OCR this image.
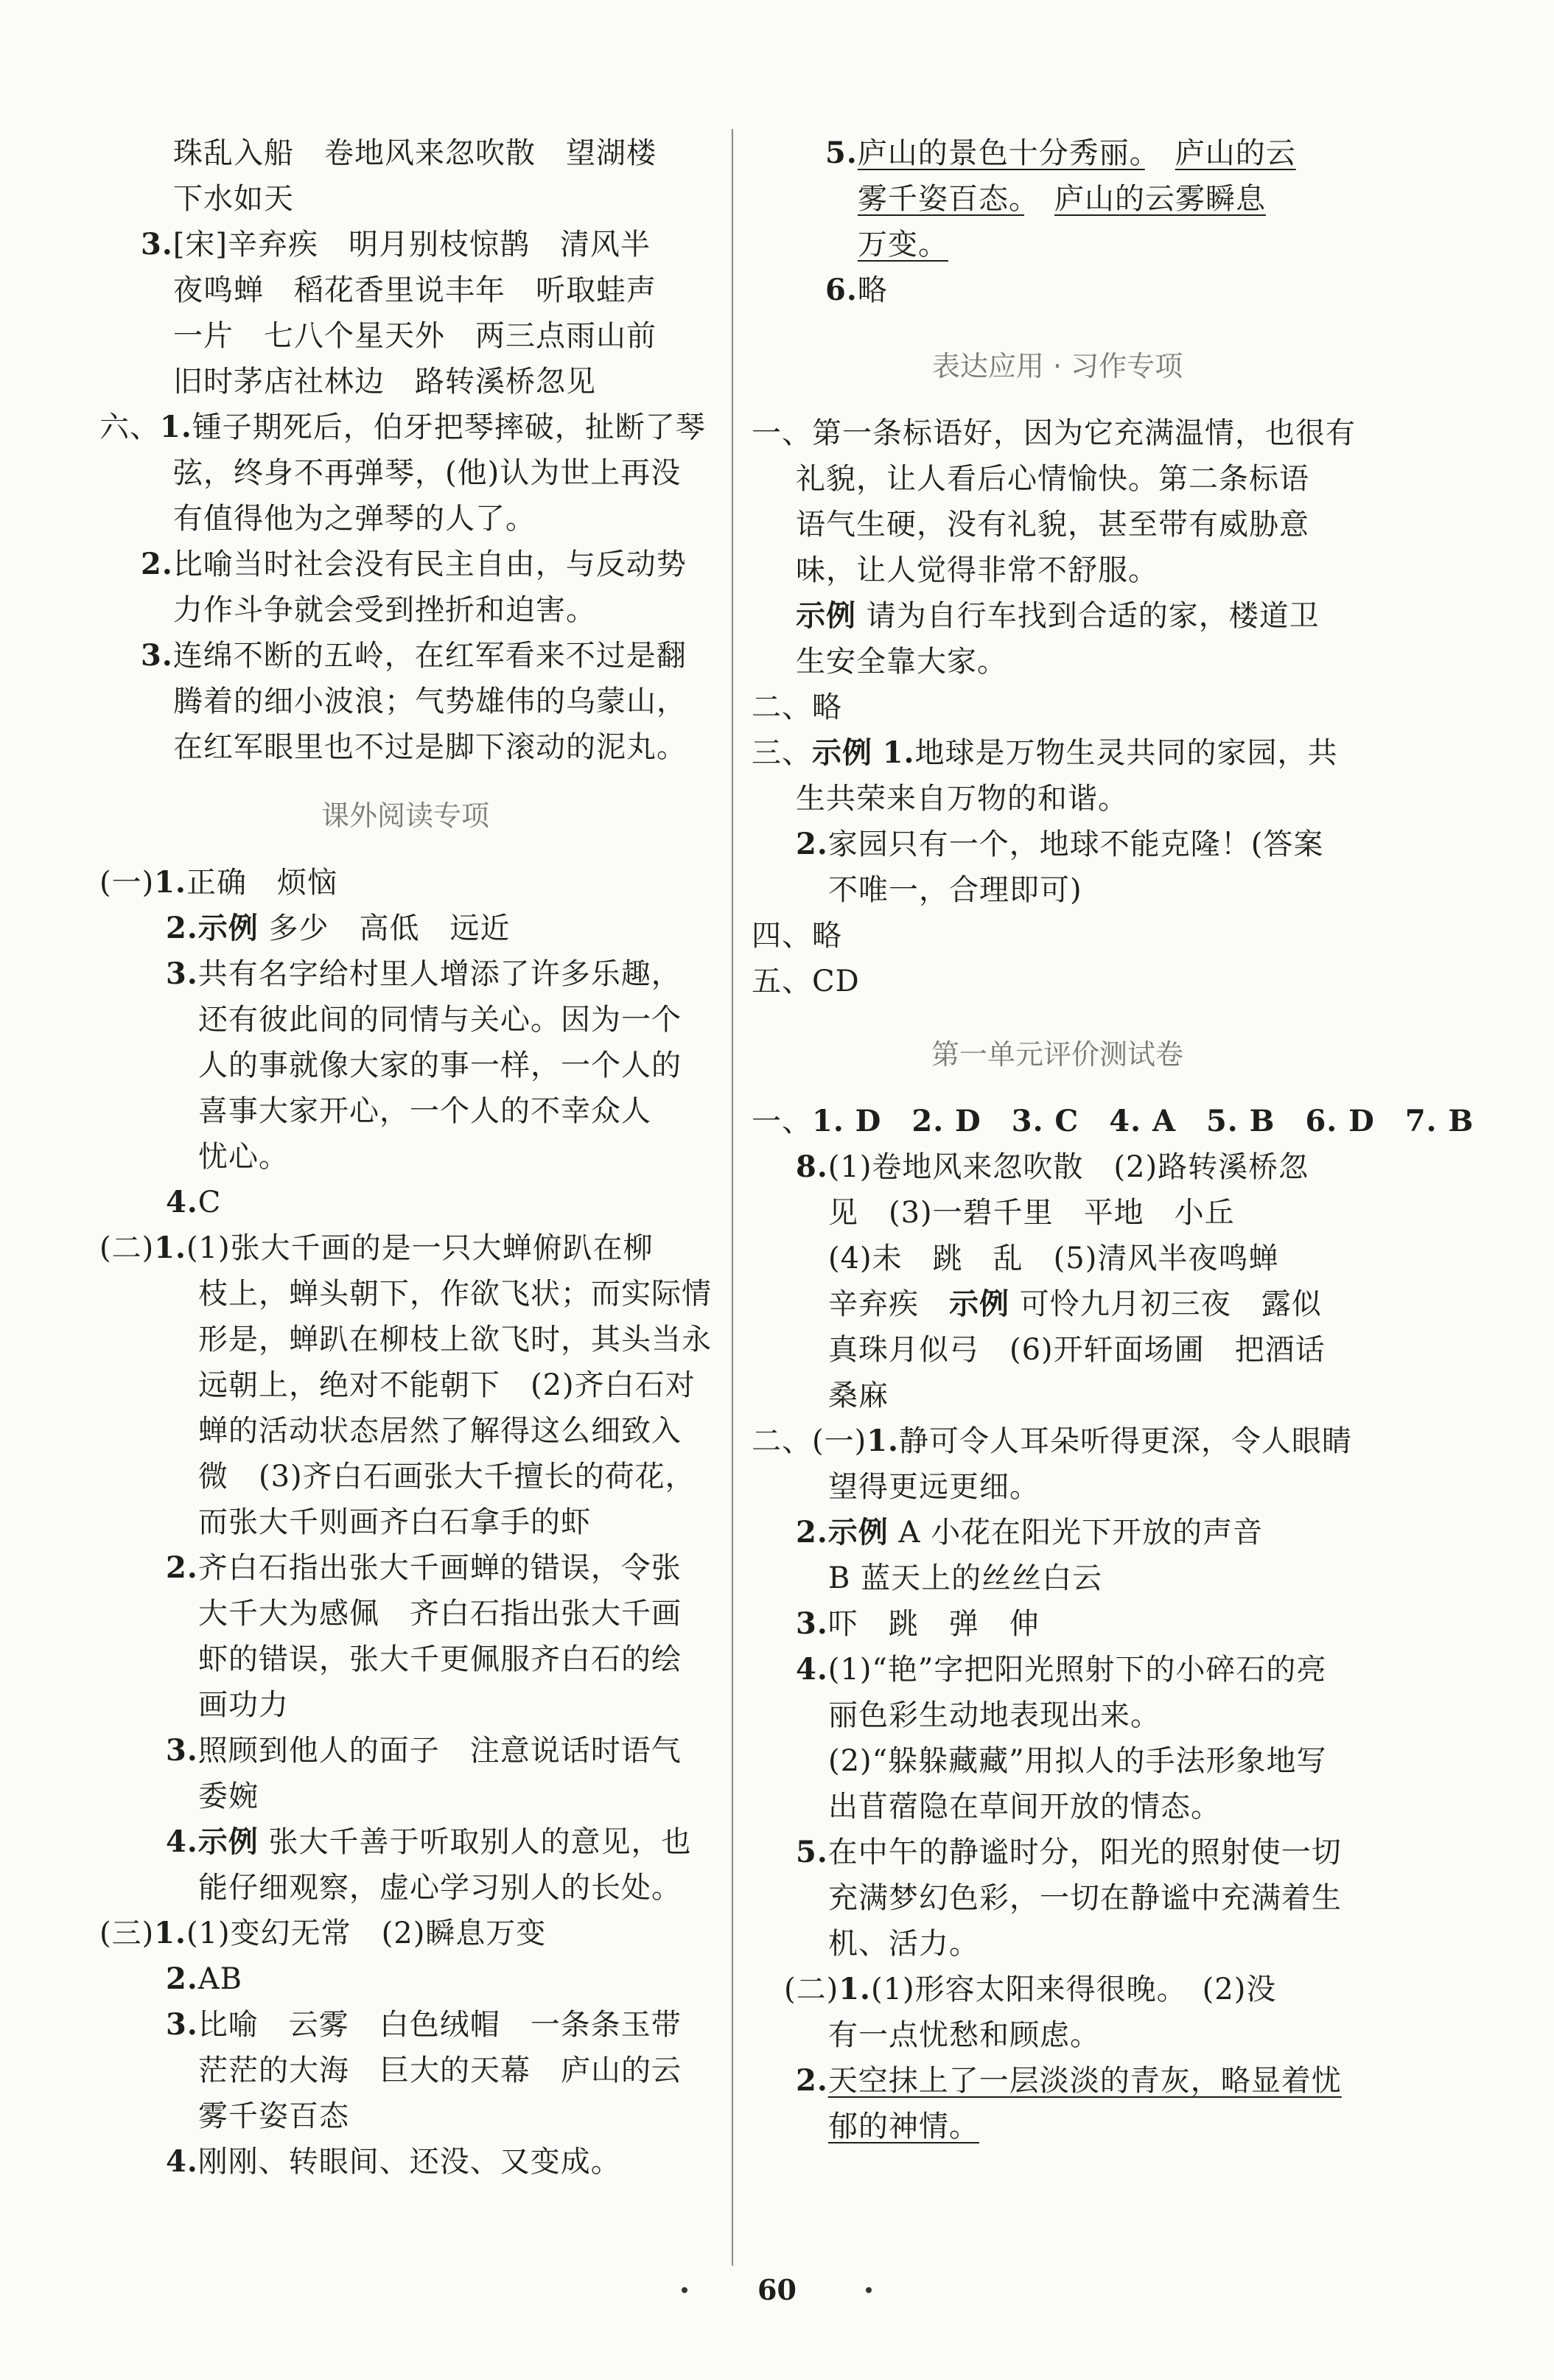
珠乱入船　卷地风来忽吹散　望湖楼
下水如天
3.[宋]辛弃疾　明月别枝惊鹊　清风半
夜鸣蝉　稻花香里说丰年　听取蛙声
一片　七八个星天外　两三点雨山前
旧时茅店社林边　路转溪桥忽见
六、1.锺子期死后，伯牙把琴摔破，扯断了琴
弦，终身不再弹琴，(他)认为世上再没
有值得他为之弹琴的人了。
2.比喻当时社会没有民主自由，与反动势
力作斗争就会受到挫折和迫害。
3.连绵不断的五岭，在红军看来不过是翻
腾着的细小波浪；气势雄伟的乌蒙山，
在红军眼里也不过是脚下滚动的泥丸。
课外阅读专项
(一)1.正确　烦恼
2.示例 多少　高低　远近
3.共有名字给村里人增添了许多乐趣，
还有彼此间的同情与关心。因为一个
人的事就像大家的事一样，一个人的
喜事大家开心，一个人的不幸众人
忧心。
4.C
(二)1.(1)张大千画的是一只大蝉俯趴在柳
枝上，蝉头朝下，作欲飞状；而实际情
形是，蝉趴在柳枝上欲飞时，其头当永
远朝上，绝对不能朝下　(2)齐白石对
蝉的活动状态居然了解得这么细致入
微　(3)齐白石画张大千擅长的荷花，
而张大千则画齐白石拿手的虾
2.齐白石指出张大千画蝉的错误，令张
大千大为感佩　齐白石指出张大千画
虾的错误，张大千更佩服齐白石的绘
画功力
3.照顾到他人的面子　注意说话时语气
委婉
4.示例 张大千善于听取别人的意见，也
能仔细观察，虚心学习别人的长处。
(三)1.(1)变幻无常　(2)瞬息万变
2.AB
3.比喻　云雾　白色绒帽　一条条玉带
茫茫的大海　巨大的天幕　庐山的云
雾千姿百态
4.刚刚、转眼间、还没、又变成。
5.庐山的景色十分秀丽。　 庐山的云
雾千姿百态。　 庐山的云雾瞬息
万变。
6.略
表达应用 · 习作专项
一、第一条标语好，因为它充满温情，也很有
礼貌，让人看后心情愉快。第二条标语
语气生硬，没有礼貌，甚至带有威胁意
味，让人觉得非常不舒服。
示例 请为自行车找到合适的家，楼道卫
生安全靠大家。
二、略
三、示例 1.地球是万物生灵共同的家园，共
生共荣来自万物的和谐。
2.家园只有一个，地球不能克隆！(答案
不唯一，合理即可)
四、略
五、CD
第一单元评价测试卷
一、1. D　2. D　3. C　4. A　5. B　6. D　7. B
8.(1)卷地风来忽吹散　(2)路转溪桥忽
见　(3)一碧千里　平地　小丘
(4)未　跳　乱　(5)清风半夜鸣蝉
辛弃疾　 示例 可怜九月初三夜　露似
真珠月似弓　(6)开轩面场圃　把酒话
桑麻
二、(一)1.静可令人耳朵听得更深，令人眼睛
望得更远更细。
2.示例 A 小花在阳光下开放的声音
B 蓝天上的丝丝白云
3.吓　跳　弹　伸
4.(1)“艳”字把阳光照射下的小碎石的亮
丽色彩生动地表现出来。
(2)“躲躲藏藏”用拟人的手法形象地写
出苜蓿隐在草间开放的情态。
5.在中午的静谧时分，阳光的照射使一切
充满梦幻色彩，一切在静谧中充满着生
机、活力。
(二)1.(1)形容太阳来得很晚。　(2)没
有一点忧愁和顾虑。
2.天空抹上了一层淡淡的青灰，略显着忧
郁的神情。
60
